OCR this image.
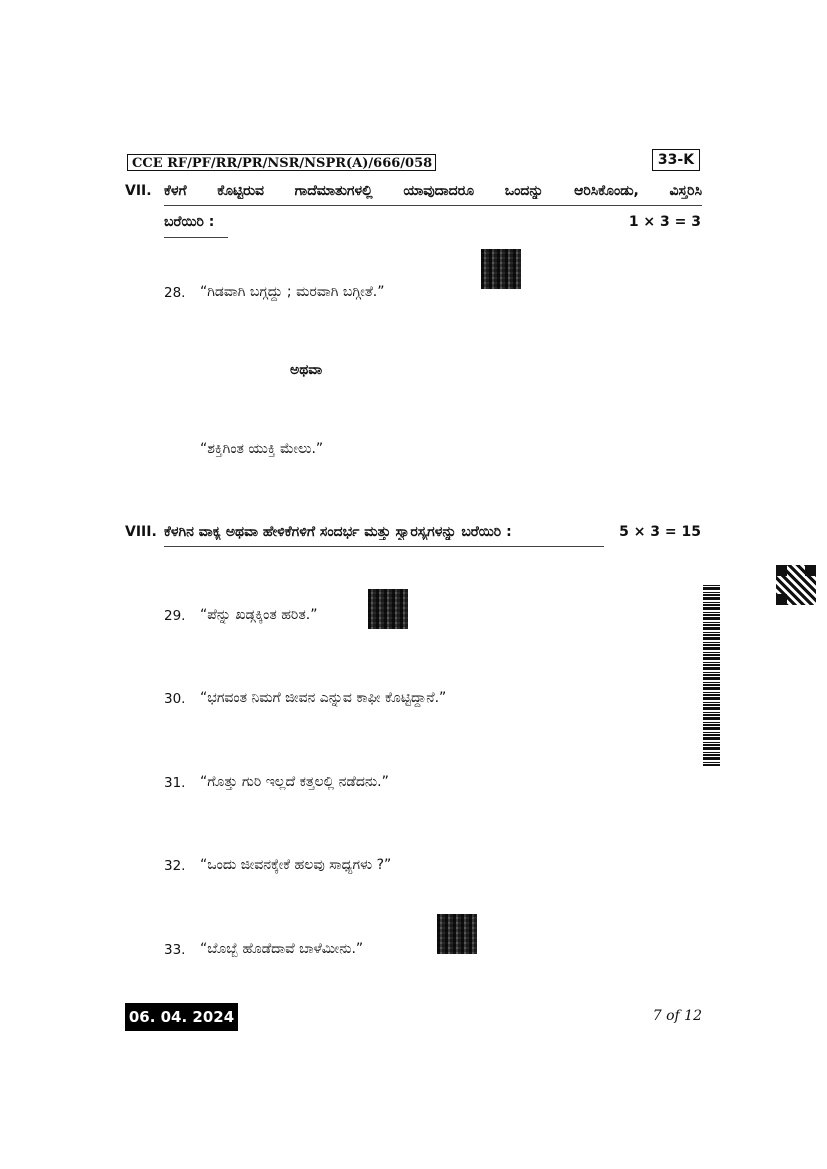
CCE RF/PF/RR/PR/NSR/NSPR(A)/666/058	33-K
VII. ಕೆಳಗೆ ಕೊಟ್ಟಿರುವ ಗಾದೆಮಾತುಗಳಲ್ಲಿ ಯಾವುದಾದರೂ ಒಂದನ್ನು ಆರಿಸಿಕೊಂಡು, ವಿಸ್ತರಿಸಿ
ಬರೆಯಿರಿ :	1 × 3 = 3
28. “ಗಿಡವಾಗಿ ಬಗ್ಗದ್ದು ; ಮರವಾಗಿ ಬಗ್ಗೀತೆ.”
ಅಥವಾ
“ಶಕ್ತಿಗಿಂತ ಯುಕ್ತಿ ಮೇಲು.”
VIII. ಕೆಳಗಿನ ವಾಕ್ಯ ಅಥವಾ ಹೇಳಿಕೆಗಳಿಗೆ ಸಂದರ್ಭ ಮತ್ತು ಸ್ವಾರಸ್ಯಗಳನ್ನು ಬರೆಯಿರಿ :	5 × 3 = 15
29. “ಪೆನ್ನು ಖಡ್ಗಕ್ಕಿಂತ ಹರಿತ.”
30. “ಭಗವಂತ ನಿಮಗೆ ಜೀವನ ಎನ್ನುವ ಕಾಫೀ ಕೊಟ್ಟಿದ್ದಾನೆ.”
31. “ಗೊತ್ತು ಗುರಿ ಇಲ್ಲದೆ ಕತ್ತಲಲ್ಲಿ ನಡೆದನು.”
32. “ಒಂದು ಜೀವನಕ್ಕೇಕೆ ಹಲವು ಸಾಧ್ಯಗಳು ?”
33. “ಬೊಬ್ಬೆ ಹೊಡೆದಾವೆ ಬಾಳೆಮೀನು.”
06. 04. 2024	7 of 12
